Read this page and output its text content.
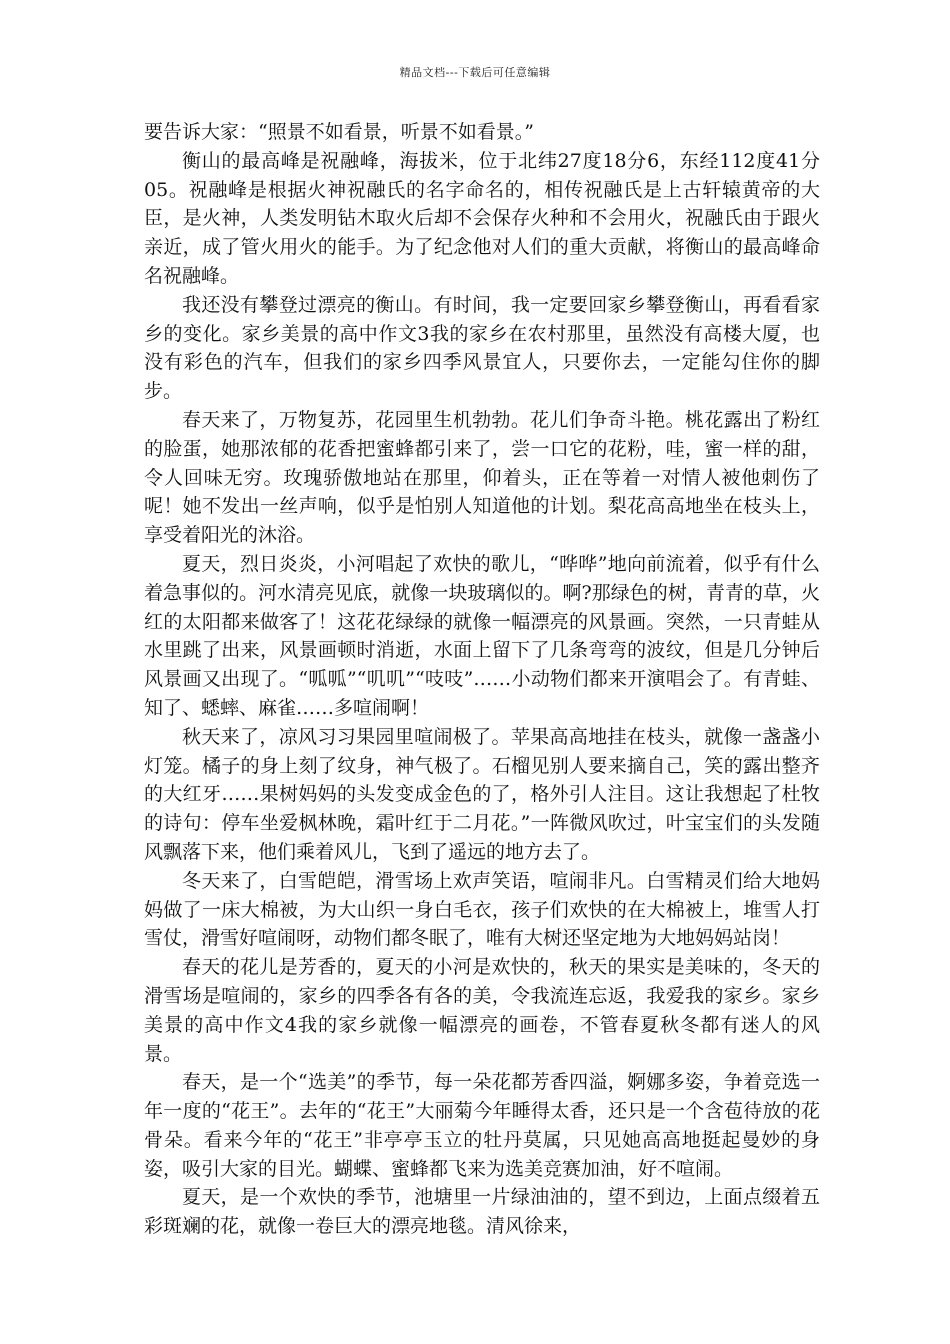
精品文档---下载后可任意编辑

要告诉大家：“照景不如看景，听景不如看景。”

衡山的最高峰是祝融峰，海拔米，位于北纬27度18分6，东经112度41分05。祝融峰是根据火神祝融氏的名字命名的，相传祝融氏是上古轩辕黄帝的大臣，是火神，人类发明钻木取火后却不会保存火种和不会用火，祝融氏由于跟火亲近，成了管火用火的能手。为了纪念他对人们的重大贡献，将衡山的最高峰命名祝融峰。

我还没有攀登过漂亮的衡山。有时间，我一定要回家乡攀登衡山，再看看家乡的变化。家乡美景的高中作文3我的家乡在农村那里，虽然没有高楼大厦，也没有彩色的汽车，但我们的家乡四季风景宜人，只要你去，一定能勾住你的脚步。

春天来了，万物复苏，花园里生机勃勃。花儿们争奇斗艳。桃花露出了粉红的脸蛋，她那浓郁的花香把蜜蜂都引来了，尝一口它的花粉，哇，蜜一样的甜，令人回味无穷。玫瑰骄傲地站在那里，仰着头，正在等着一对情人被他刺伤了呢！她不发出一丝声响，似乎是怕别人知道他的计划。梨花高高地坐在枝头上，享受着阳光的沐浴。

夏天，烈日炎炎，小河唱起了欢快的歌儿，“哗哗”地向前流着，似乎有什么着急事似的。河水清亮见底，就像一块玻璃似的。啊?那绿色的树，青青的草，火红的太阳都来做客了！这花花绿绿的就像一幅漂亮的风景画。突然，一只青蛙从水里跳了出来，风景画顿时消逝，水面上留下了几条弯弯的波纹，但是几分钟后风景画又出现了。“呱呱”“叽叽”“吱吱”……小动物们都来开演唱会了。有青蛙、知了、蟋蟀、麻雀……多喧闹啊！

秋天来了，凉风习习果园里喧闹极了。苹果高高地挂在枝头，就像一盏盏小灯笼。橘子的身上刻了纹身，神气极了。石榴见别人要来摘自己，笑的露出整齐的大红牙……果树妈妈的头发变成金色的了，格外引人注目。这让我想起了杜牧的诗句：停车坐爱枫林晚，霜叶红于二月花。”一阵微风吹过，叶宝宝们的头发随风飘落下来，他们乘着风儿，飞到了遥远的地方去了。

冬天来了，白雪皑皑，滑雪场上欢声笑语，喧闹非凡。白雪精灵们给大地妈妈做了一床大棉被，为大山织一身白毛衣，孩子们欢快的在大棉被上，堆雪人打雪仗，滑雪好喧闹呀，动物们都冬眠了，唯有大树还坚定地为大地妈妈站岗！

春天的花儿是芳香的，夏天的小河是欢快的，秋天的果实是美味的，冬天的滑雪场是喧闹的，家乡的四季各有各的美，令我流连忘返，我爱我的家乡。家乡美景的高中作文4我的家乡就像一幅漂亮的画卷，不管春夏秋冬都有迷人的风景。

春天，是一个“选美”的季节，每一朵花都芳香四溢，婀娜多姿，争着竞选一年一度的“花王”。去年的“花王”大丽菊今年睡得太香，还只是一个含苞待放的花骨朵。看来今年的“花王”非亭亭玉立的牡丹莫属，只见她高高地挺起曼妙的身姿，吸引大家的目光。蝴蝶、蜜蜂都飞来为选美竞赛加油，好不喧闹。

夏天，是一个欢快的季节，池塘里一片绿油油的，望不到边，上面点缀着五彩斑斓的花，就像一卷巨大的漂亮地毯。清风徐来，
